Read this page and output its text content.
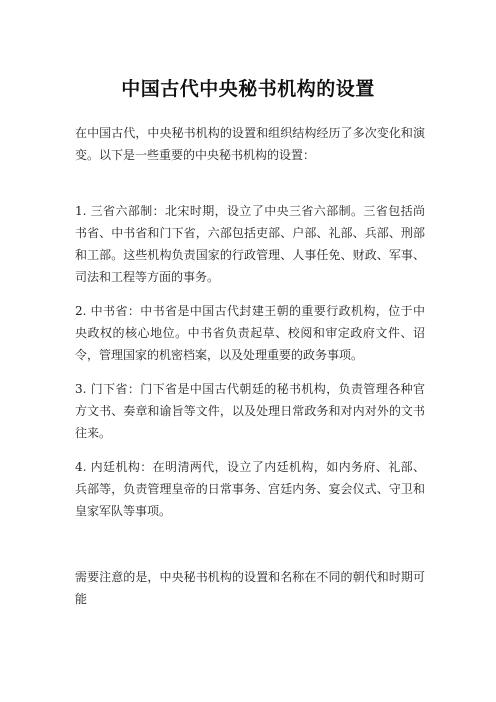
中国古代中央秘书机构的设置
在中国古代，中央秘书机构的设置和组织结构经历了多次变化和演变。以下是一些重要的中央秘书机构的设置：
1. 三省六部制：北宋时期，设立了中央三省六部制。三省包括尚书省、中书省和门下省，六部包括吏部、户部、礼部、兵部、刑部和工部。这些机构负责国家的行政管理、人事任免、财政、军事、司法和工程等方面的事务。
2. 中书省：中书省是中国古代封建王朝的重要行政机构，位于中央政权的核心地位。中书省负责起草、校阅和审定政府文件、诏令，管理国家的机密档案，以及处理重要的政务事项。
3. 门下省：门下省是中国古代朝廷的秘书机构，负责管理各种官方文书、奏章和谕旨等文件，以及处理日常政务和对内对外的文书往来。
4. 内廷机构：在明清两代，设立了内廷机构，如内务府、礼部、兵部等，负责管理皇帝的日常事务、宫廷内务、宴会仪式、守卫和皇家军队等事项。
需要注意的是，中央秘书机构的设置和名称在不同的朝代和时期可能
